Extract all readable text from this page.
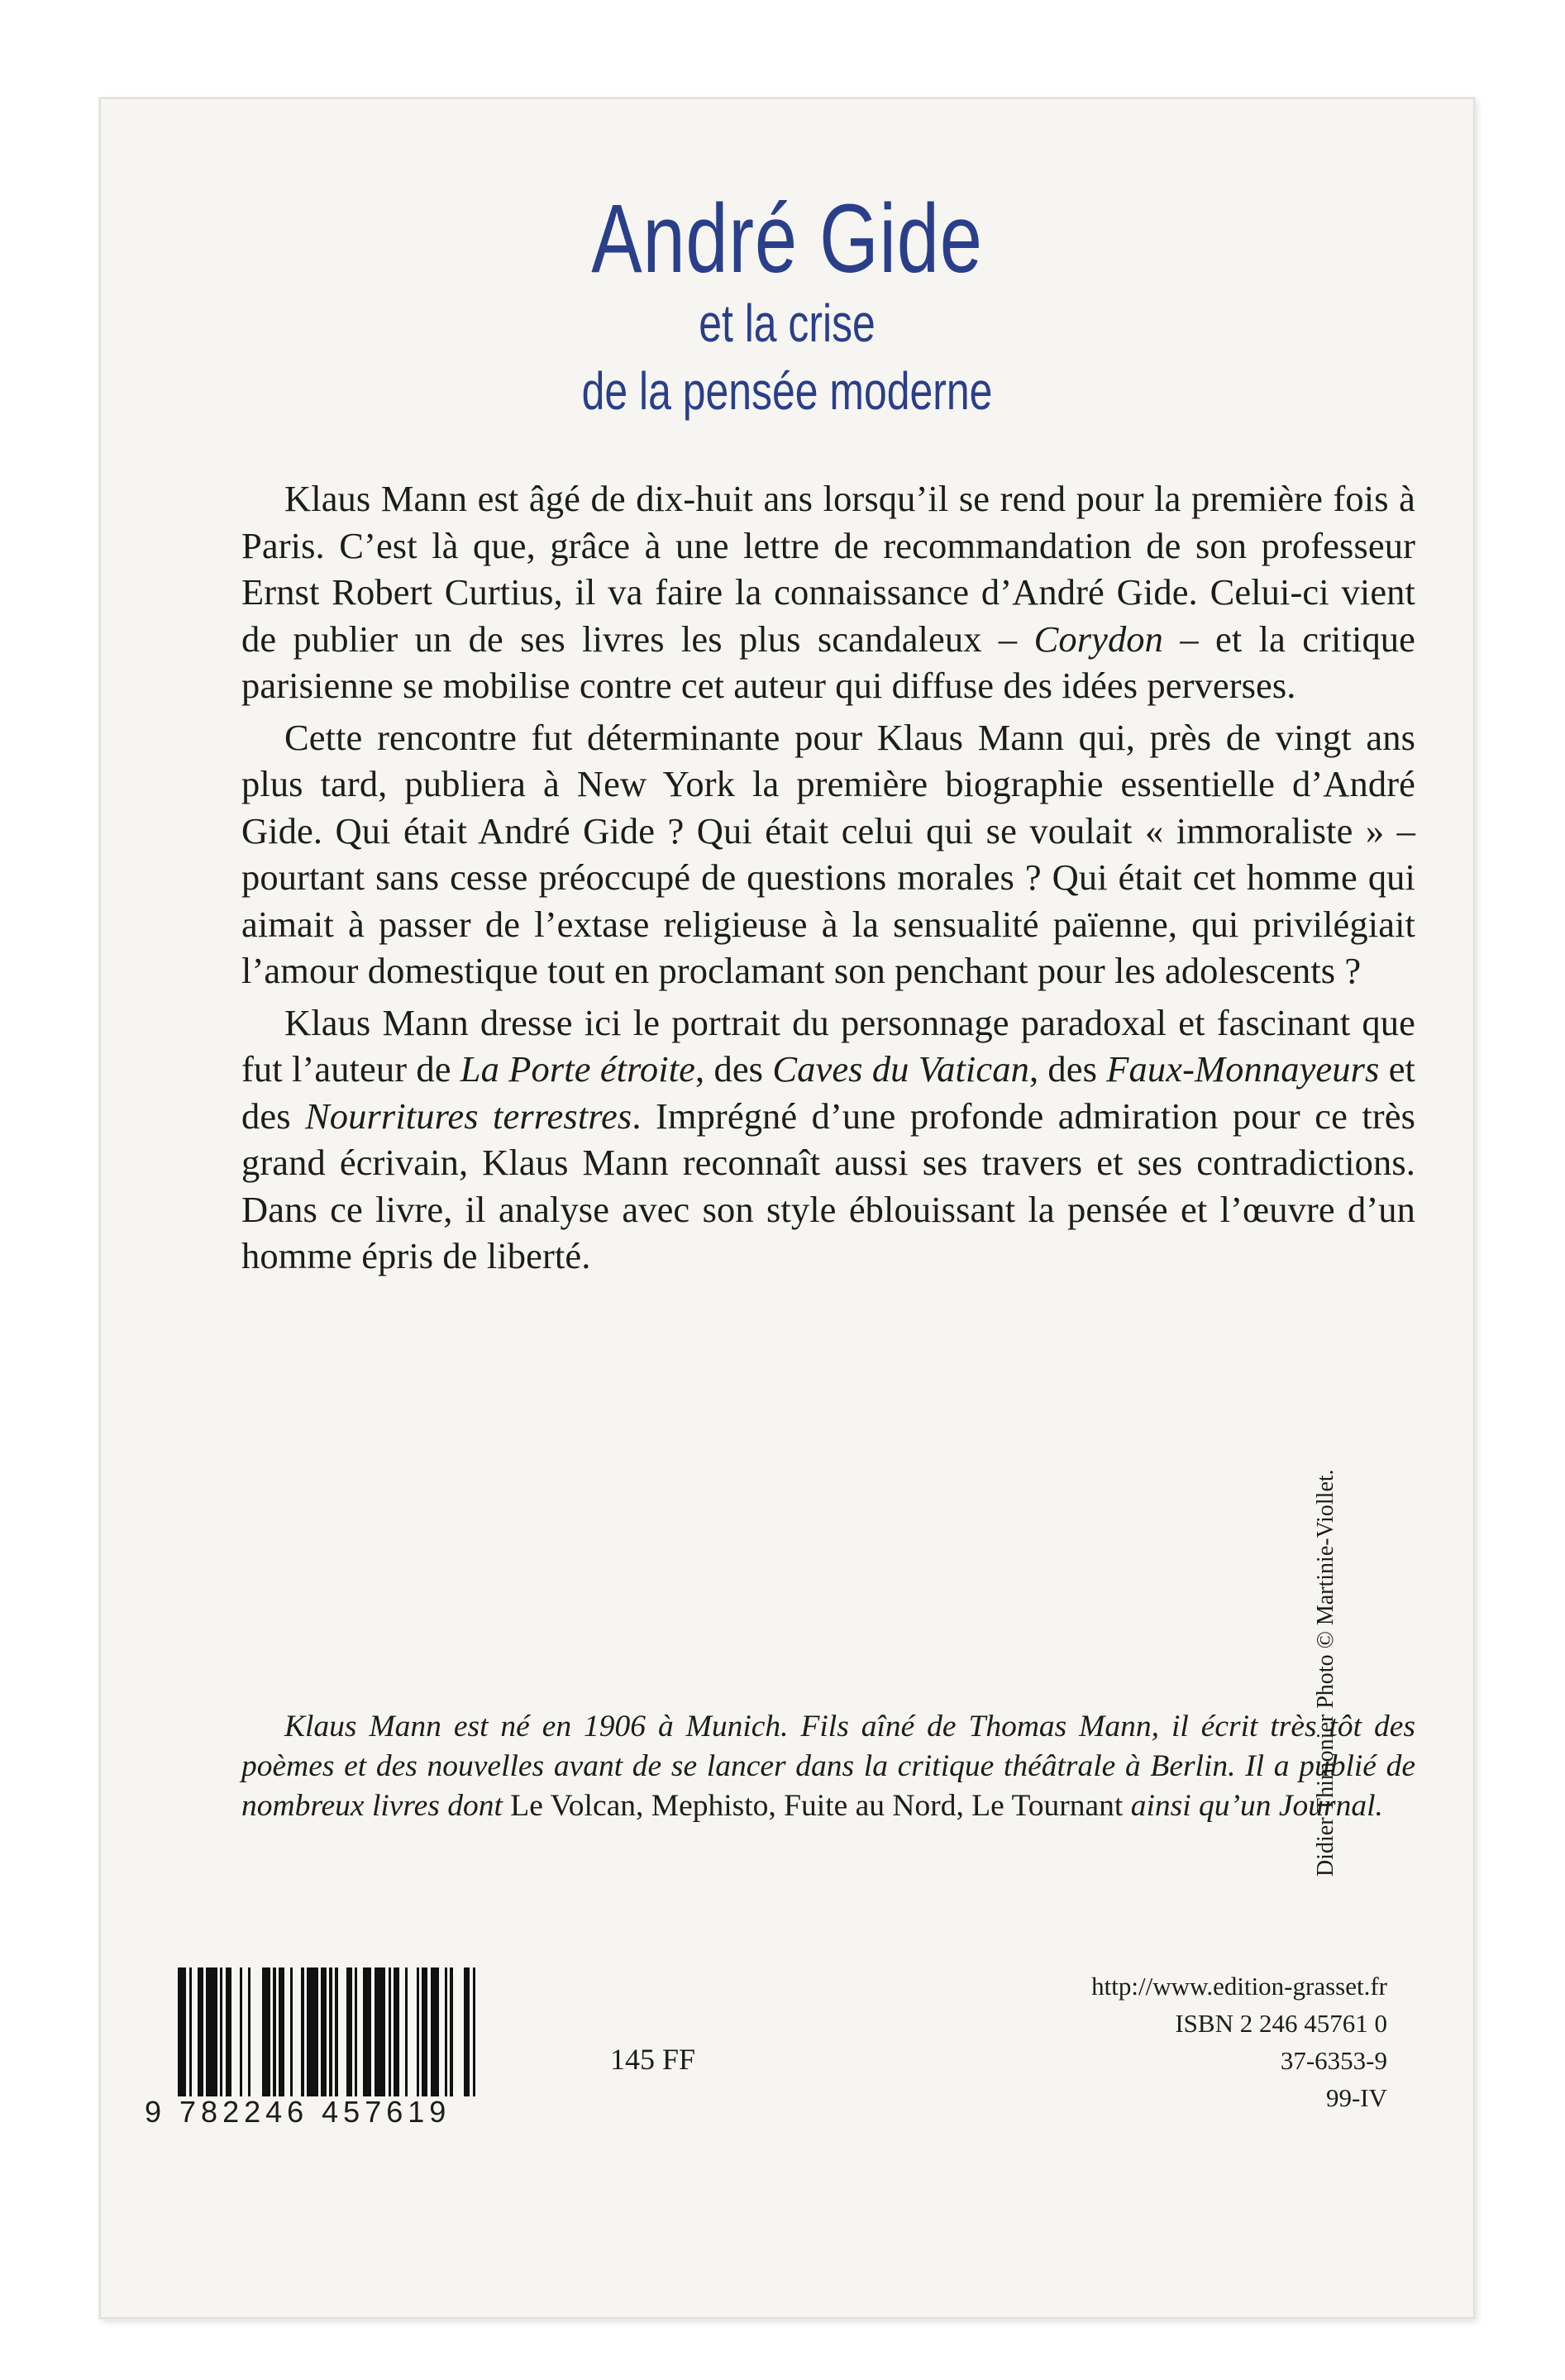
André Gide
et la crise
de la pensée moderne

Klaus Mann est âgé de dix-huit ans lorsqu’il se rend pour la première fois à Paris. C’est là que, grâce à une lettre de recommandation de son professeur Ernst Robert Curtius, il va faire la connaissance d’André Gide. Celui-ci vient de publier un de ses livres les plus scandaleux – Corydon – et la critique parisienne se mobilise contre cet auteur qui diffuse des idées perverses.

Cette rencontre fut déterminante pour Klaus Mann qui, près de vingt ans plus tard, publiera à New York la première biographie essentielle d’André Gide. Qui était André Gide ? Qui était celui qui se voulait « immoraliste » – pourtant sans cesse préoccupé de questions morales ? Qui était cet homme qui aimait à passer de l’extase religieuse à la sensualité païenne, qui privilégiait l’amour domestique tout en proclamant son penchant pour les adolescents ?

Klaus Mann dresse ici le portrait du personnage paradoxal et fascinant que fut l’auteur de La Porte étroite, des Caves du Vatican, des Faux-Monnayeurs et des Nourritures terrestres. Imprégné d’une profonde admiration pour ce très grand écrivain, Klaus Mann reconnaît aussi ses travers et ses contradictions. Dans ce livre, il analyse avec son style éblouissant la pensée et l’œuvre d’un homme épris de liberté.

Klaus Mann est né en 1906 à Munich. Fils aîné de Thomas Mann, il écrit très tôt des poèmes et des nouvelles avant de se lancer dans la critique théâtrale à Berlin. Il a publié de nombreux livres dont Le Volcan, Mephisto, Fuite au Nord, Le Tournant ainsi qu’un Journal.

Didier Thimonier Photo © Martinie-Viollet.
9 782246 457619
145 FF
http://www.edition-grasset.fr
ISBN 2 246 45761 0
37-6353-9
99-IV
